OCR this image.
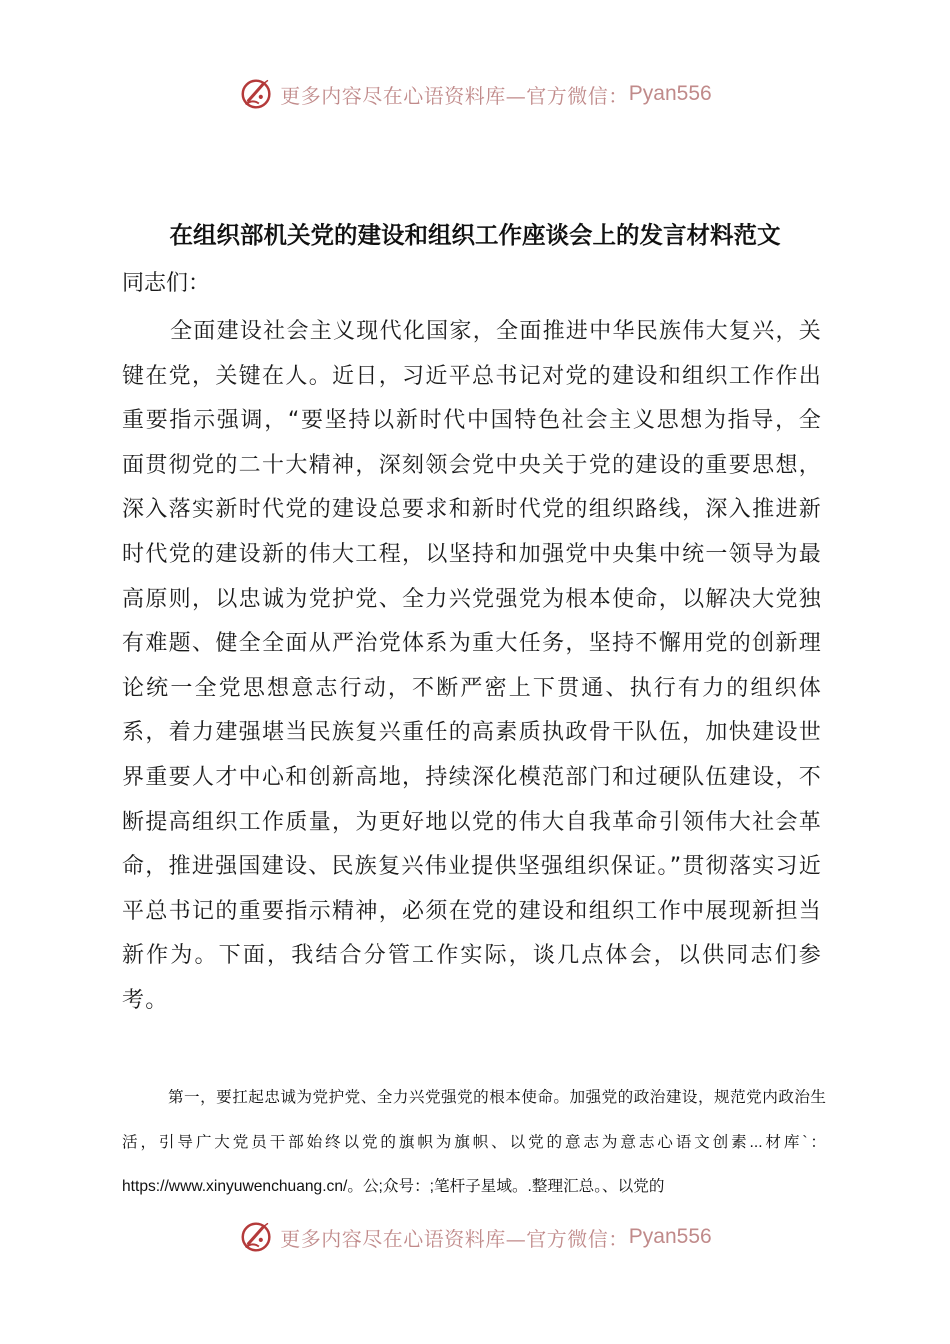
更多内容尽在心语资料库—官方微信： Pyan556
在组织部机关党的建设和组织工作座谈会上的发言材料范文
同志们：

全面建设社会主义现代化国家，全面推进中华民族伟大复兴，关键在党，关键在人。近日，习近平总书记对党的建设和组织工作作出重要指示强调，“要坚持以新时代中国特色社会主义思想为指导，全面贯彻党的二十大精神，深刻领会党中央关于党的建设的重要思想，深入落实新时代党的建设总要求和新时代党的组织路线，深入推进新时代党的建设新的伟大工程，以坚持和加强党中央集中统一领导为最高原则，以忠诚为党护党、全力兴党强党为根本使命，以解决大党独有难题、健全全面从严治党体系为重大任务，坚持不懈用党的创新理论统一全党思想意志行动，不断严密上下贯通、执行有力的组织体系，着力建强堪当民族复兴重任的高素质执政骨干队伍，加快建设世界重要人才中心和创新高地，持续深化模范部门和过硬队伍建设，不断提高组织工作质量，为更好地以党的伟大自我革命引领伟大社会革命，推进强国建设、民族复兴伟业提供坚强组织保证。”贯彻落实习近平总书记的重要指示精神，必须在党的建设和组织工作中展现新担当新作为。下面，我结合分管工作实际，谈几点体会，以供同志们参考。

第一，要扛起忠诚为党护党、全力兴党强党的根本使命。加强党的政治建设，规范党内政治生活，引导广大党员干部始终以党的旗帜为旗帜、以党的意志为意志心语文创素...材库`：https://www.xinyuwenchuang.cn/。公;众号：;笔杆子星域。.整理汇总。、以党的

更多内容尽在心语资料库—官方微信： Pyan556
